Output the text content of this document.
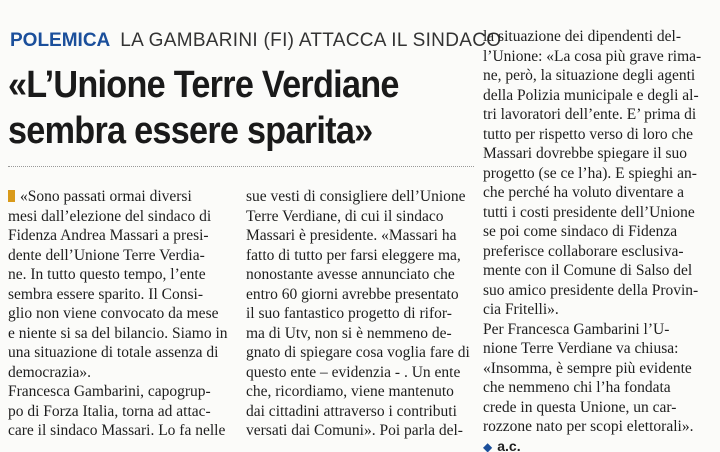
POLEMICA LA GAMBARINI (FI) ATTACCA IL SINDACO
«L’Unione Terre Verdiane
sembra essere sparita»
«Sono passati ormai diversi
mesi dall’elezione del sindaco di
Fidenza Andrea Massari a presi-
dente dell’Unione Terre Verdia-
ne. In tutto questo tempo, l’ente
sembra essere sparito. Il Consi-
glio non viene convocato da mese
e niente si sa del bilancio. Siamo in
una situazione di totale assenza di
democrazia».
Francesca Gambarini, capogrup-
po di Forza Italia, torna ad attac-
care il sindaco Massari. Lo fa nelle
sue vesti di consigliere dell’Unione
Terre Verdiane, di cui il sindaco
Massari è presidente. «Massari ha
fatto di tutto per farsi eleggere ma,
nonostante avesse annunciato che
entro 60 giorni avrebbe presentato
il suo fantastico progetto di rifor-
ma di Utv, non si è nemmeno de-
gnato di spiegare cosa voglia fare di
questo ente – evidenzia - . Un ente
che, ricordiamo, viene mantenuto
dai cittadini attraverso i contributi
versati dai Comuni». Poi parla del-
la situazione dei dipendenti del-
l’Unione: «La cosa più grave rima-
ne, però, la situazione degli agenti
della Polizia municipale e degli al-
tri lavoratori dell’ente. E’ prima di
tutto per rispetto verso di loro che
Massari dovrebbe spiegare il suo
progetto (se ce l’ha). E spieghi an-
che perché ha voluto diventare a
tutti i costi presidente dell’Unione
se poi come sindaco di Fidenza
preferisce collaborare esclusiva-
mente con il Comune di Salso del
suo amico presidente della Provin-
cia Fritelli».
Per Francesca Gambarini l’U-
nione Terre Verdiane va chiusa:
«Insomma, è sempre più evidente
che nemmeno chi l’ha fondata
crede in questa Unione, un car-
rozzone nato per scopi elettorali».
◆ a.c.
